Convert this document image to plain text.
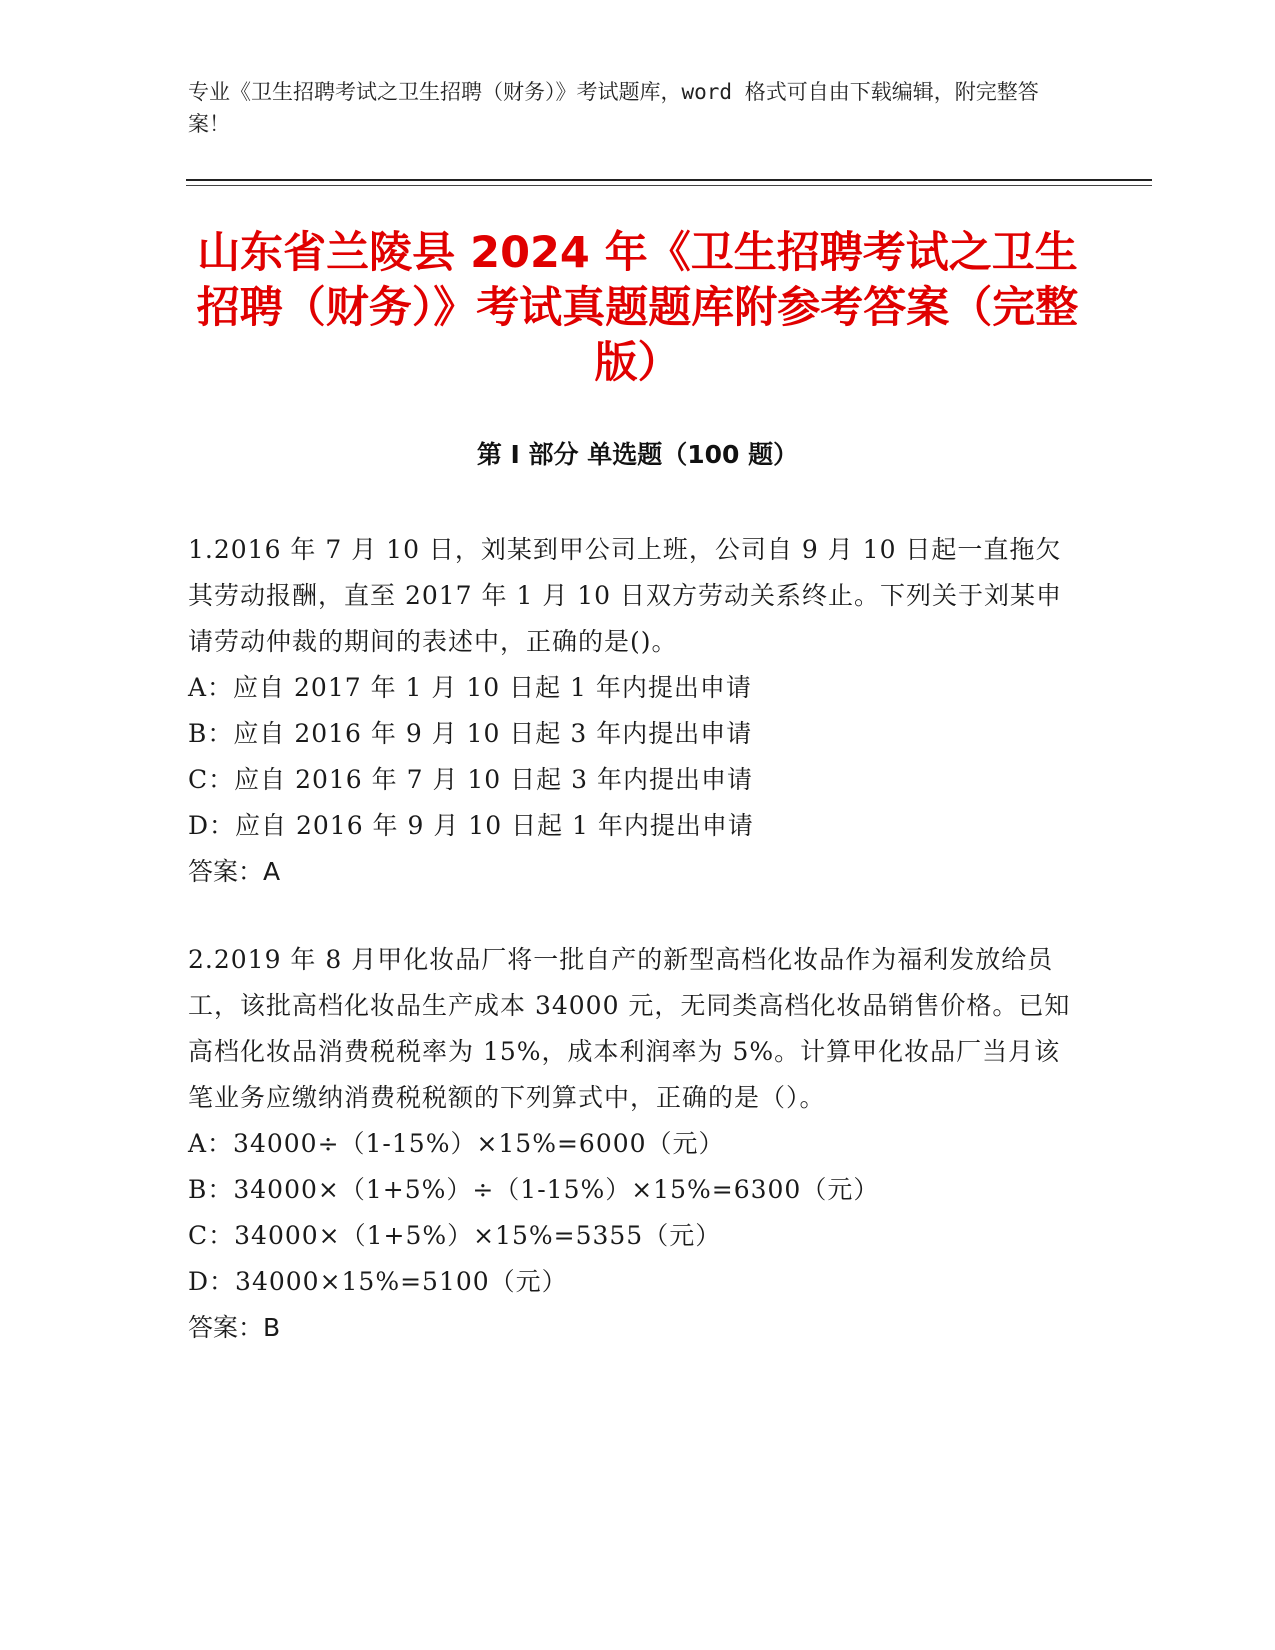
专业《卫生招聘考试之卫生招聘（财务）》考试题库，word 格式可自由下载编辑，附完整答案！
山东省兰陵县 2024 年《卫生招聘考试之卫生招聘（财务）》考试真题题库附参考答案（完整版）
第 I 部分 单选题（100 题）

1.2016 年 7 月 10 日，刘某到甲公司上班，公司自 9 月 10 日起一直拖欠其劳动报酬，直至 2017 年 1 月 10 日双方劳动关系终止。下列关于刘某申请劳动仲裁的期间的表述中，正确的是()。

A：应自 2017 年 1 月 10 日起 1 年内提出申请

B：应自 2016 年 9 月 10 日起 3 年内提出申请

C：应自 2016 年 7 月 10 日起 3 年内提出申请

D：应自 2016 年 9 月 10 日起 1 年内提出申请

答案：A

2.2019 年 8 月甲化妆品厂将一批自产的新型高档化妆品作为福利发放给员工，该批高档化妆品生产成本 34000 元，无同类高档化妆品销售价格。已知高档化妆品消费税税率为 15%，成本利润率为 5%。计算甲化妆品厂当月该笔业务应缴纳消费税税额的下列算式中，正确的是（）。

A：34000÷（1-15%）×15%=6000（元）

B：34000×（1+5%）÷（1-15%）×15%=6300（元）

C：34000×（1+5%）×15%=5355（元）

D：34000×15%=5100（元）

答案：B
